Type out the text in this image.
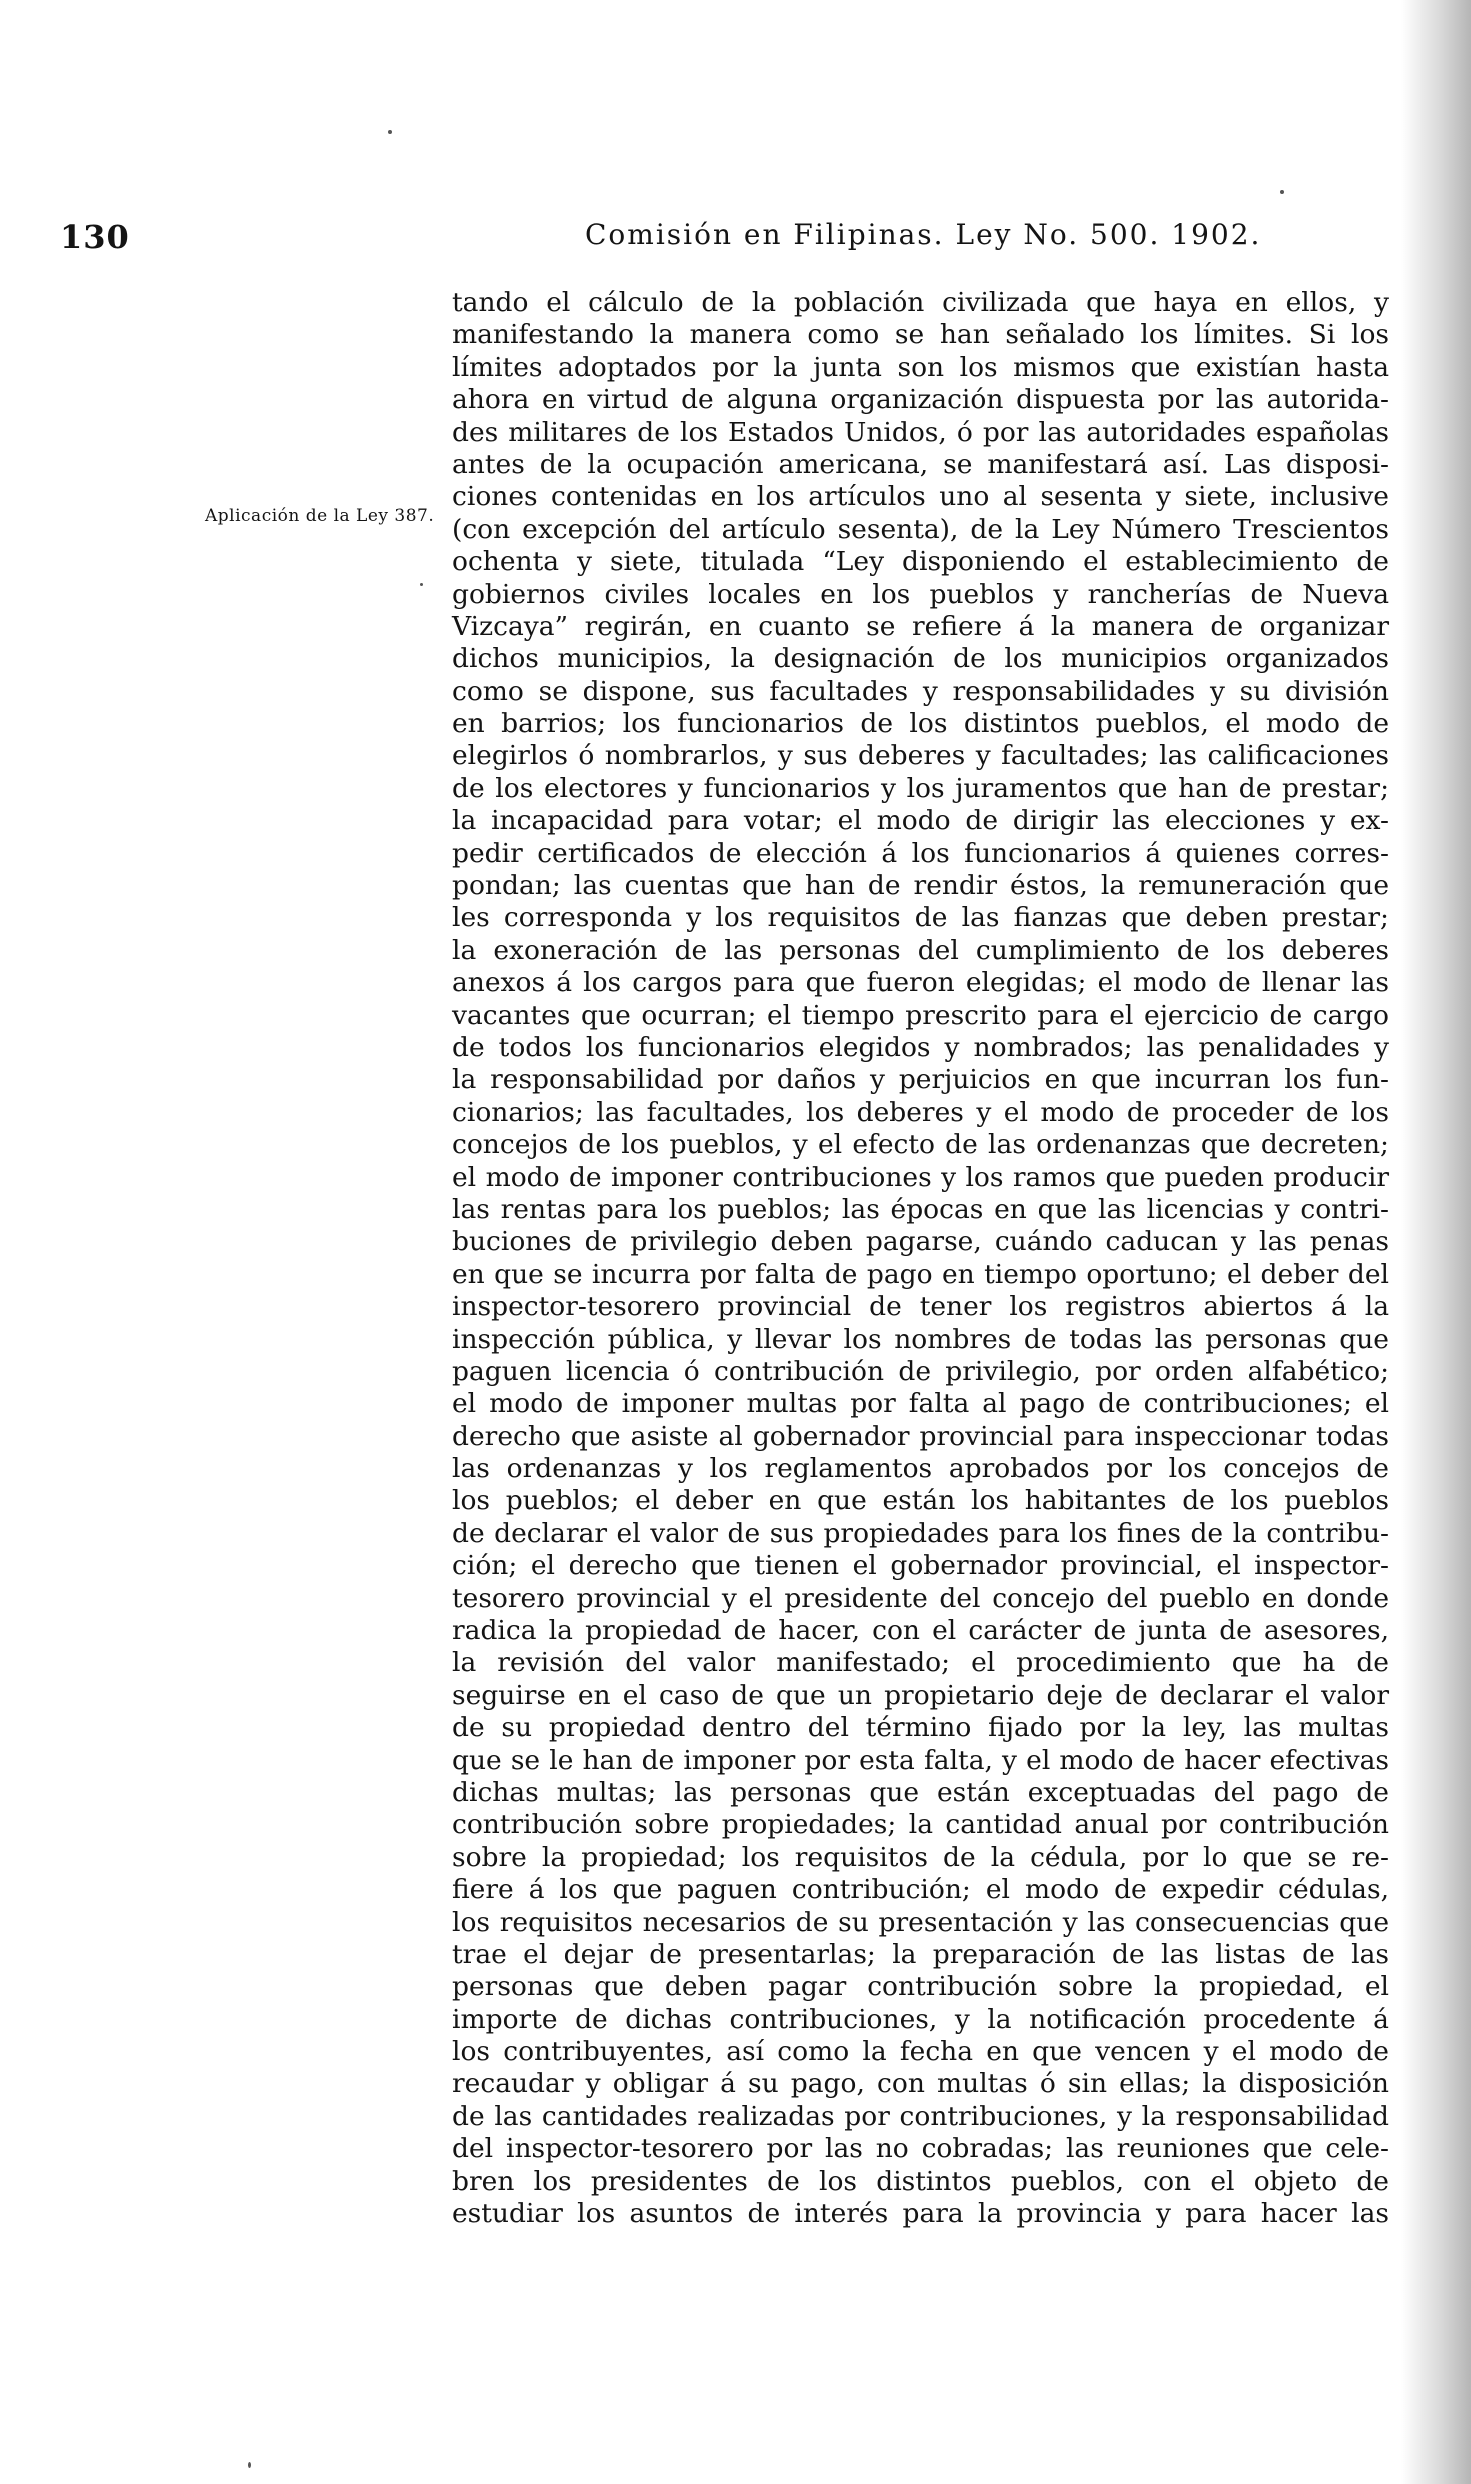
130	Comisión en Filipinas. Ley No. 500. 1902.
Aplicación de la Ley 387.
tando el cálculo de la población civilizada que haya en ellos, y
manifestando la manera como se han señalado los límites. Si los
límites adoptados por la junta son los mismos que existían hasta
ahora en virtud de alguna organización dispuesta por las autorida-
des militares de los Estados Unidos, ó por las autoridades españolas
antes de la ocupación americana, se manifestará así. Las disposi-
ciones contenidas en los artículos uno al sesenta y siete, inclusive
(con excepción del artículo sesenta), de la Ley Número Trescientos
ochenta y siete, titulada “Ley disponiendo el establecimiento de
gobiernos civiles locales en los pueblos y rancherías de Nueva
Vizcaya” regirán, en cuanto se refiere á la manera de organizar
dichos municipios, la designación de los municipios organizados
como se dispone, sus facultades y responsabilidades y su división
en barrios; los funcionarios de los distintos pueblos, el modo de
elegirlos ó nombrarlos, y sus deberes y facultades; las calificaciones
de los electores y funcionarios y los juramentos que han de prestar;
la incapacidad para votar; el modo de dirigir las elecciones y ex-
pedir certificados de elección á los funcionarios á quienes corres-
pondan; las cuentas que han de rendir éstos, la remuneración que
les corresponda y los requisitos de las fianzas que deben prestar;
la exoneración de las personas del cumplimiento de los deberes
anexos á los cargos para que fueron elegidas; el modo de llenar las
vacantes que ocurran; el tiempo prescrito para el ejercicio de cargo
de todos los funcionarios elegidos y nombrados; las penalidades y
la responsabilidad por daños y perjuicios en que incurran los fun-
cionarios; las facultades, los deberes y el modo de proceder de los
concejos de los pueblos, y el efecto de las ordenanzas que decreten;
el modo de imponer contribuciones y los ramos que pueden producir
las rentas para los pueblos; las épocas en que las licencias y contri-
buciones de privilegio deben pagarse, cuándo caducan y las penas
en que se incurra por falta de pago en tiempo oportuno; el deber del
inspector-tesorero provincial de tener los registros abiertos á la
inspección pública, y llevar los nombres de todas las personas que
paguen licencia ó contribución de privilegio, por orden alfabético;
el modo de imponer multas por falta al pago de contribuciones; el
derecho que asiste al gobernador provincial para inspeccionar todas
las ordenanzas y los reglamentos aprobados por los concejos de
los pueblos; el deber en que están los habitantes de los pueblos
de declarar el valor de sus propiedades para los fines de la contribu-
ción; el derecho que tienen el gobernador provincial, el inspector-
tesorero provincial y el presidente del concejo del pueblo en donde
radica la propiedad de hacer, con el carácter de junta de asesores,
la revisión del valor manifestado; el procedimiento que ha de
seguirse en el caso de que un propietario deje de declarar el valor
de su propiedad dentro del término fijado por la ley, las multas
que se le han de imponer por esta falta, y el modo de hacer efectivas
dichas multas; las personas que están exceptuadas del pago de
contribución sobre propiedades; la cantidad anual por contribución
sobre la propiedad; los requisitos de la cédula, por lo que se re-
fiere á los que paguen contribución; el modo de expedir cédulas,
los requisitos necesarios de su presentación y las consecuencias que
trae el dejar de presentarlas; la preparación de las listas de las
personas que deben pagar contribución sobre la propiedad, el
importe de dichas contribuciones, y la notificación procedente á
los contribuyentes, así como la fecha en que vencen y el modo de
recaudar y obligar á su pago, con multas ó sin ellas; la disposición
de las cantidades realizadas por contribuciones, y la responsabilidad
del inspector-tesorero por las no cobradas; las reuniones que cele-
bren los presidentes de los distintos pueblos, con el objeto de
estudiar los asuntos de interés para la provincia y para hacer las
